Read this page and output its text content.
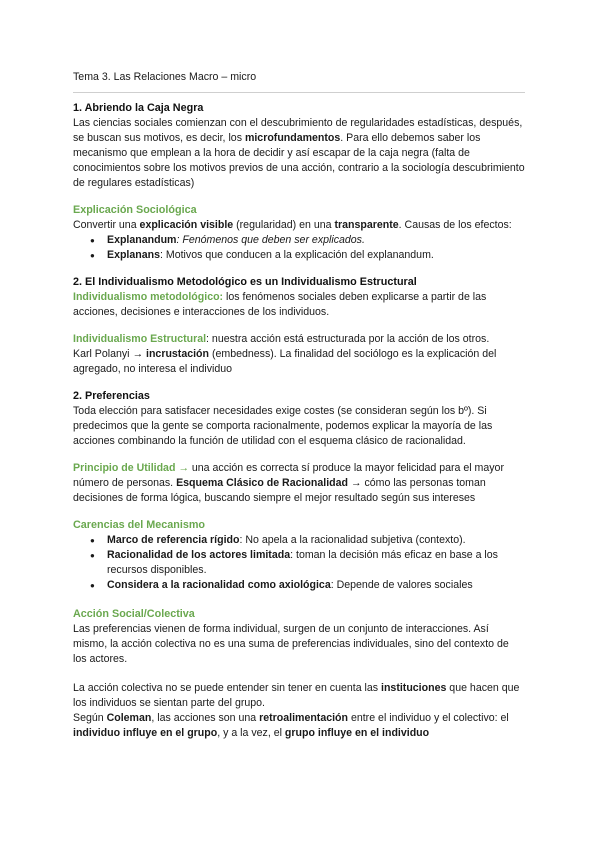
Tema 3. Las Relaciones Macro – micro
1. Abriendo la Caja Negra

Las ciencias sociales comienzan con el descubrimiento de regularidades estadísticas, después, se buscan sus motivos, es decir, los microfundamentos. Para ello debemos saber los mecanismo que emplean a la hora de decidir y así escapar de la caja negra (falta de conocimientos sobre los motivos previos de una acción, contrario a la sociología descubrimiento de regulares estadísticas)

Explicación Sociológica

Convertir una explicación visible (regularidad) en una transparente. Causas de los efectos:

● Explanandum: Fenómenos que deben ser explicados.
● Explanans: Motivos que conducen a la explicación del explanandum.
2. El Individualismo Metodológico es un Individualismo Estructural

Individualismo metodológico: los fenómenos sociales deben explicarse a partir de las acciones, decisiones e interacciones de los individuos.

Individualismo Estructural: nuestra acción está estructurada por la acción de los otros.

Karl Polanyi → incrustación (embedness). La finalidad del sociólogo es la explicación del agregado, no interesa el individuo

2. Preferencias

Toda elección para satisfacer necesidades exige costes (se consideran según los bº). Si predecimos que la gente se comporta racionalmente, podemos explicar la mayoría de las acciones combinando la función de utilidad con el esquema clásico de racionalidad.

Principio de Utilidad → una acción es correcta sí produce la mayor felicidad para el mayor número de personas. Esquema Clásico de Racionalidad → cómo las personas toman decisiones de forma lógica, buscando siempre el mejor resultado según sus intereses

Carencias del Mecanismo
● Marco de referencia rígido: No apela a la racionalidad subjetiva (contexto).
● Racionalidad de los actores limitada: toman la decisión más eficaz en base a los recursos disponibles.
● Considera a la racionalidad como axiológica: Depende de valores sociales
Acción Social/Colectiva

Las preferencias vienen de forma individual, surgen de un conjunto de interacciones. Así mismo, la acción colectiva no es una suma de preferencias individuales, sino del contexto de los actores.

La acción colectiva no se puede entender sin tener en cuenta las instituciones que hacen que los individuos se sientan parte del grupo.

Según Coleman, las acciones son una retroalimentación entre el individuo y el colectivo: el individuo influye en el grupo, y a la vez, el grupo influye en el individuo
